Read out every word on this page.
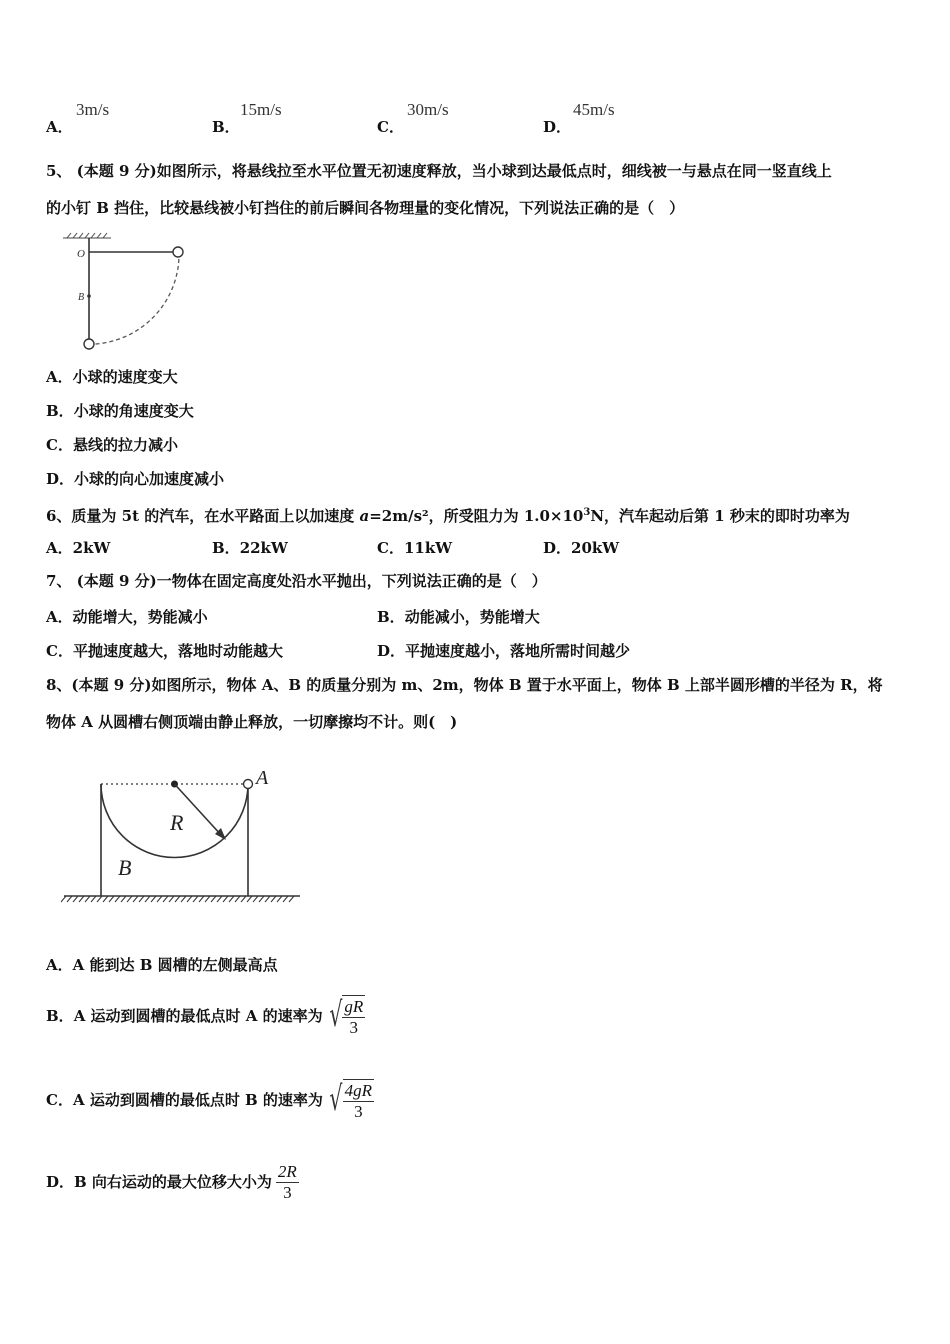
A．
3m/s
B．
15m/s
C．
30m/s
D．
45m/s
5、 (本题 9 分)如图所示，将悬线拉至水平位置无初速度释放，当小球到达最低点时，细线被一与悬点在同一竖直线上
的小钉 B 挡住，比较悬线被小钉挡住的前后瞬间各物理量的变化情况，下列说法正确的是（　）
O
B
A．小球的速度变大
B．小球的角速度变大
C．悬线的拉力减小
D．小球的向心加速度减小
6、质量为 5t 的汽车，在水平路面上以加速度 a=2m/s²，所受阻力为 $1.0\times 10^3N$，汽车起动后第 1 秒末的即时功率为
A．2kW	B．22kW	C．11kW	D．20kW
7、 (本题 9 分)一物体在固定高度处沿水平抛出，下列说法正确的是（　）
A．动能增大，势能减小	B．动能减小，势能增大
C．平抛速度越大，落地时动能越大	D．平抛速度越小，落地所需时间越少
8、(本题 9 分)如图所示，物体 A、B 的质量分别为 m、2m，物体 B 置于水平面上，物体 B 上部半圆形槽的半径为 R，将
物体 A 从圆槽右侧顶端由静止释放，一切摩擦均不计。则(　)
A
R
B
A．A 能到达 B 圆槽的左侧最高点
B． A 运动到圆槽的最低点时 A 的速率为 √ $\frac{gR}{3}$
C． A 运动到圆槽的最低点时 B 的速率为 √ $\frac{4gR}{3}$
D． B 向右运动的最大位移大小为 $\frac{2R}{3}$
